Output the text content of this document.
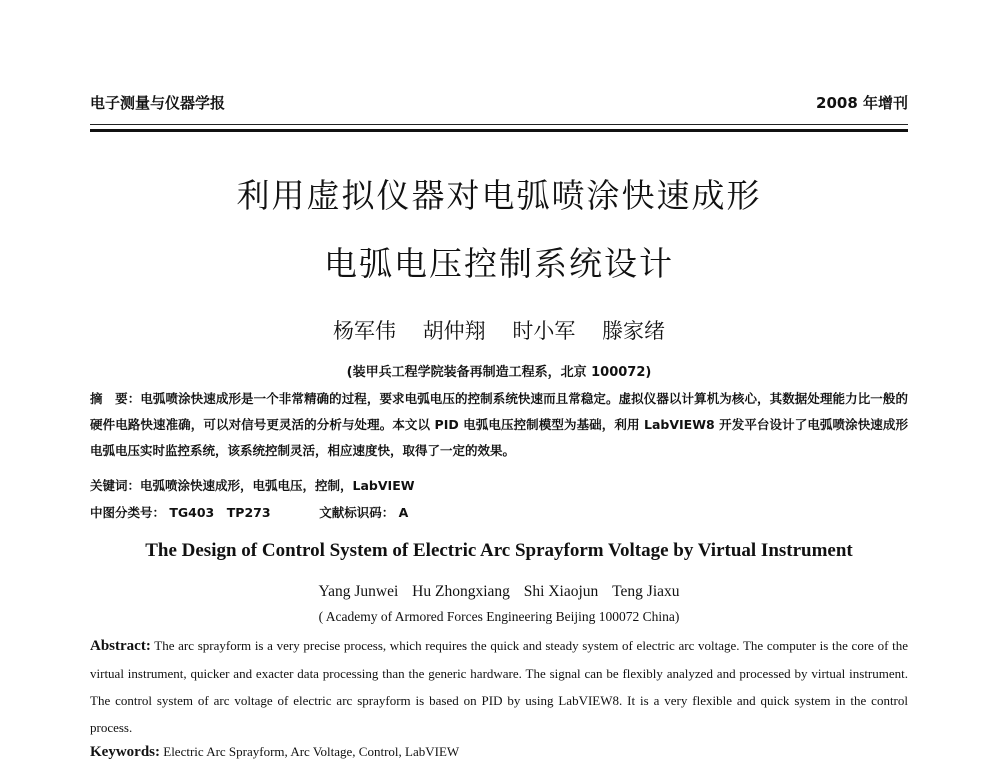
电子测量与仪器学报	2008 年增刊
利用虚拟仪器对电弧喷涂快速成形
电弧电压控制系统设计
杨军伟 胡仲翔 时小军 滕家绪
(装甲兵工程学院装备再制造工程系，北京 100072)
摘　要：电弧喷涂快速成形是一个非常精确的过程，要求电弧电压的控制系统快速而且常稳定。虚拟仪器以计算机为核心，其数据处理能力比一般的硬件电路快速准确，可以对信号更灵活的分析与处理。本文以 PID 电弧电压控制模型为基础，利用 LabVIEW8 开发平台设计了电弧喷涂快速成形电弧电压实时监控系统，该系统控制灵活，相应速度快，取得了一定的效果。
关键词：电弧喷涂快速成形，电弧电压，控制，LabVIEW
中图分类号： TG403　TP273	文献标识码： A
The Design of Control System of Electric Arc Sprayform Voltage by Virtual Instrument
Yang Junwei Hu Zhongxiang Shi Xiaojun Teng Jiaxu
( Academy of Armored Forces Engineering Beijing 100072 China)
Abstract: The arc sprayform is a very precise process, which requires the quick and steady system of electric arc voltage. The computer is the core of the virtual instrument, quicker and exacter data processing than the generic hardware. The signal can be flexibly analyzed and processed by virtual instrument. The control system of arc voltage of electric arc sprayform is based on PID by using LabVIEW8. It is a very flexible and quick system in the control process.
Keywords: Electric Arc Sprayform, Arc Voltage, Control, LabVIEW
